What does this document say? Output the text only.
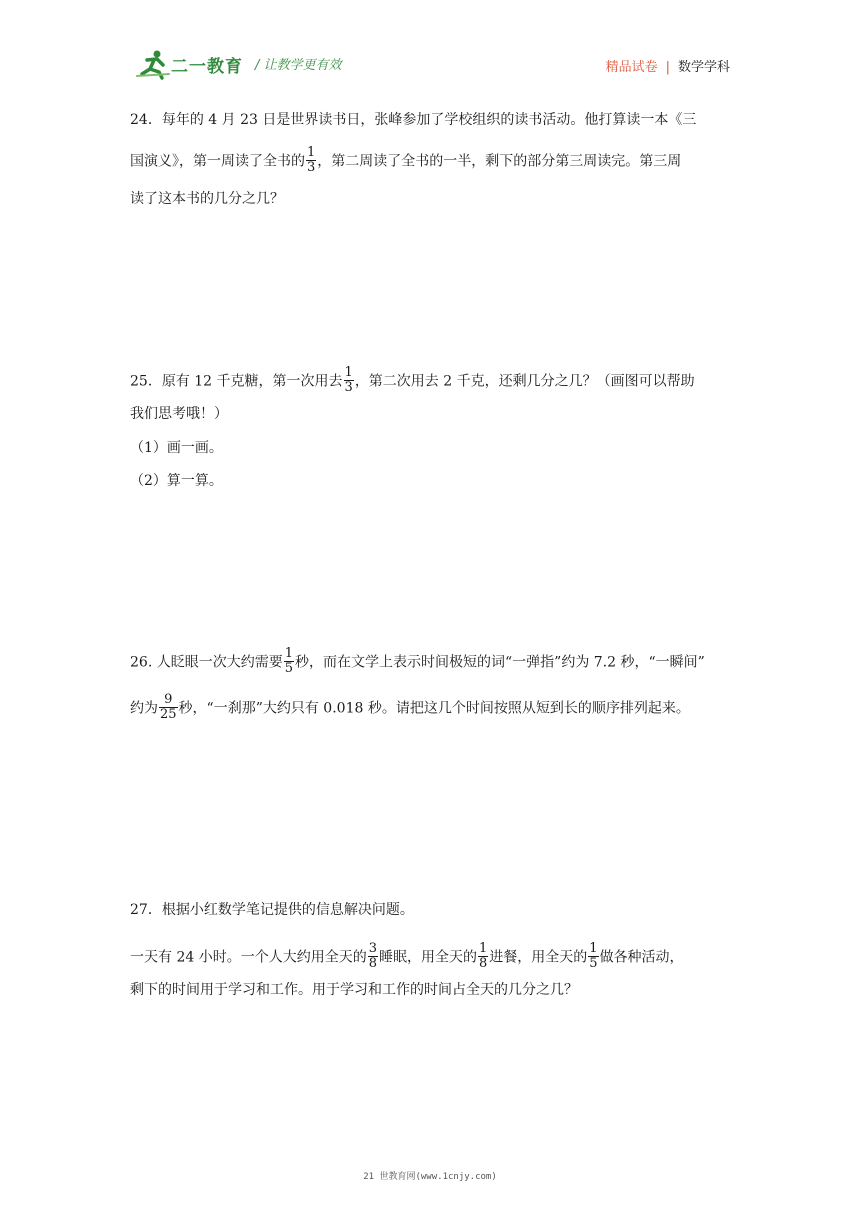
二一教育 / 让教学更有效	精品试卷 | 数学学科
24．每年的 4 月 23 日是世界读书日，张峰参加了学校组织的读书活动。他打算读一本《三
国演义》，第一周读了全书的 $\frac{1}{3}$ ，第二周读了全书的一半，剩下的部分第三周读完。第三周
读了这本书的几分之几？
25．原有 12 千克糖，第一次用去 $\frac{1}{3}$ ，第二次用去 2 千克，还剩几分之几？（画图可以帮助
我们思考哦！）
（1）画一画。
（2）算一算。
26. 人眨眼一次大约需要 $\frac{1}{5}$ 秒，而在文学上表示时间极短的词“一弹指”约为 7.2 秒，“一瞬间”
约为 $\frac{9}{25}$ 秒，“一刹那”大约只有 0.018 秒。请把这几个时间按照从短到长的顺序排列起来。
27．根据小红数学笔记提供的信息解决问题。
一天有 24 小时。一个人大约用全天的 $\frac{3}{8}$ 睡眠，用全天的 $\frac{1}{8}$ 进餐，用全天的 $\frac{1}{5}$ 做各种活动，
剩下的时间用于学习和工作。用于学习和工作的时间占全天的几分之几？
21 世教育网(www.1cnjy.com)
